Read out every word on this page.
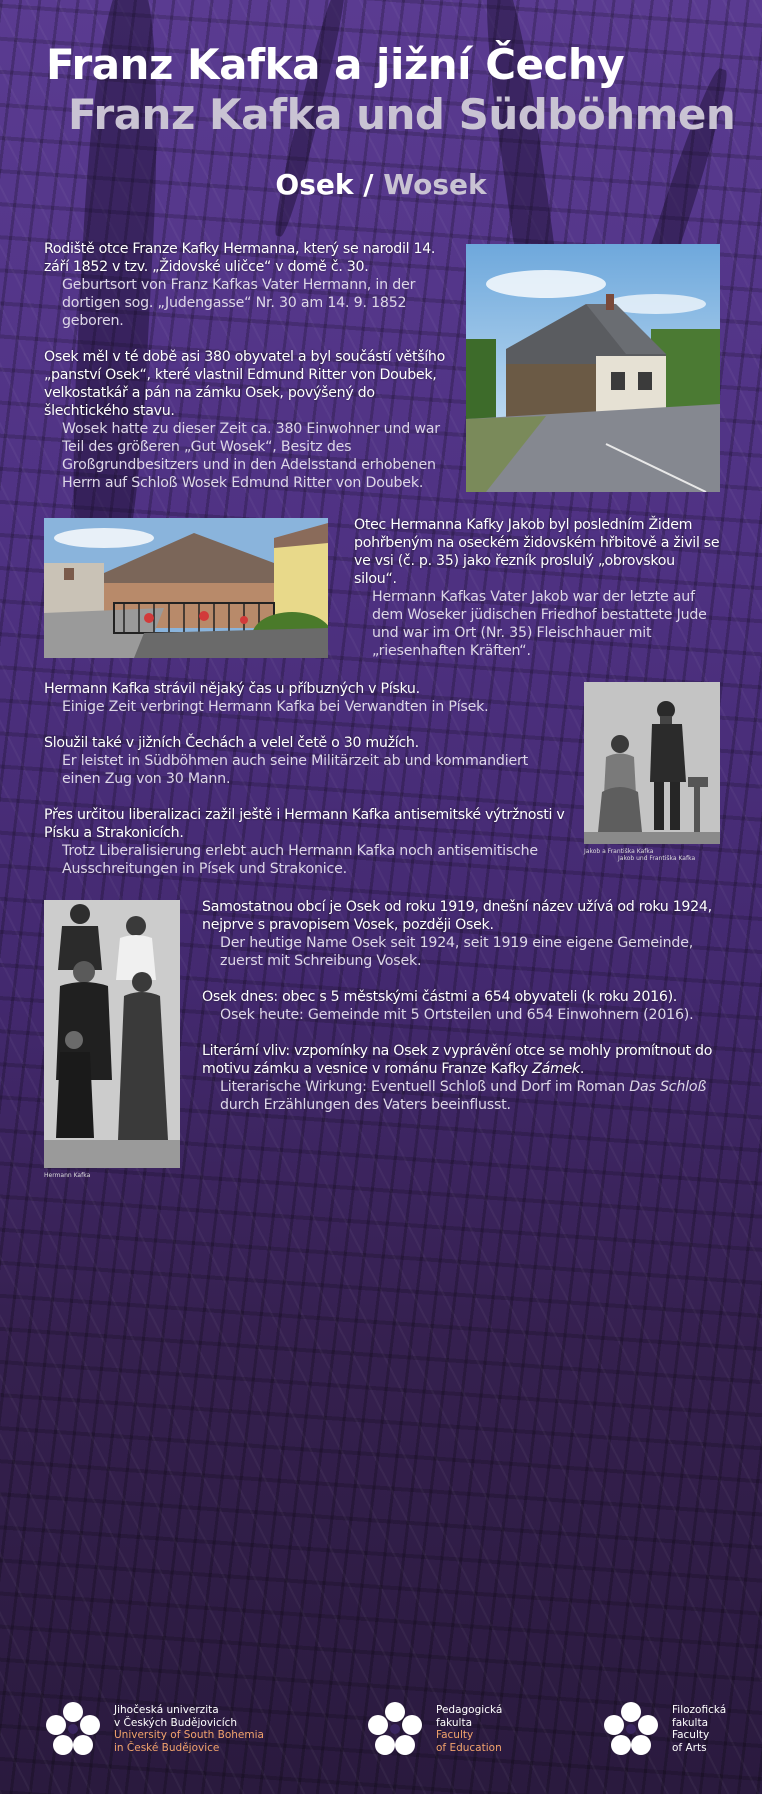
Franz Kafka a jižní Čechy
Franz Kafka und Südböhmen
Osek / Wosek

Rodiště otce Franze Kafky Hermanna, který se narodil 14. září 1852 v tzv. „Židovské uličce“ v domě č. 30.

Geburtsort von Franz Kafkas Vater Hermann, in der dortigen sog. „Judengasse“ Nr. 30 am 14. 9. 1852 geboren.

Osek měl v té době asi 380 obyvatel a byl součástí většího „panství Osek“, které vlastnil Edmund Ritter von Doubek, velkostatkář a pán na zámku Osek, povýšený do šlechtického stavu.

Wosek hatte zu dieser Zeit ca. 380 Einwohner und war Teil des größeren „Gut Wosek“, Besitz des Großgrundbesitzers und in den Adelsstand erhobenen Herrn auf Schloß Wosek Edmund Ritter von Doubek.

Otec Hermanna Kafky Jakob byl posledním Židem pohřbeným na oseckém židovském hřbitově a živil se ve vsi (č. p. 35) jako řezník proslulý „obrovskou silou“.

Hermann Kafkas Vater Jakob war der letzte auf dem Woseker jüdischen Friedhof bestattete Jude und war im Ort (Nr. 35) Fleischhauer mit „riesenhaften Kräften“.

Hermann Kafka strávil nějaký čas u příbuzných v Písku.

Einige Zeit verbringt Hermann Kafka bei Verwandten in Písek.

Sloužil také v jižních Čechách a velel četě o 30 mužích.

Er leistet in Südböhmen auch seine Militärzeit ab und kommandiert einen Zug von 30 Mann.

Přes určitou liberalizaci zažil ještě i Hermann Kafka antisemitské výtržnosti v Písku a Strakonicích.

Trotz Liberalisierung erlebt auch Hermann Kafka noch antisemitische Ausschreitungen in Písek und Strakonice.

Jakob a Františka Kafka
Jakob und Františka Kafka
Hermann Kafka

Samostatnou obcí je Osek od roku 1919, dnešní název užívá od roku 1924, nejprve s pravopisem Vosek, později Osek.

Der heutige Name Osek seit 1924, seit 1919 eine eigene Gemeinde, zuerst mit Schreibung Vosek.

Osek dnes: obec s 5 městskými částmi a 654 obyvateli (k roku 2016).

Osek heute: Gemeinde mit 5 Ortsteilen und 654 Einwohnern (2016).

Literární vliv: vzpomínky na Osek z vyprávění otce se mohly promítnout do motivu zámku a vesnice v románu Franze Kafky Zámek.

Literarische Wirkung: Eventuell Schloß und Dorf im Roman Das Schloß durch Erzählungen des Vaters beeinflusst.

Jihočeská univerzita
v Českých Budějovicích
University of South Bohemia
in České Budějovice
Pedagogická
fakulta
Faculty
of Education
Filozofická
fakulta
Faculty
of Arts
